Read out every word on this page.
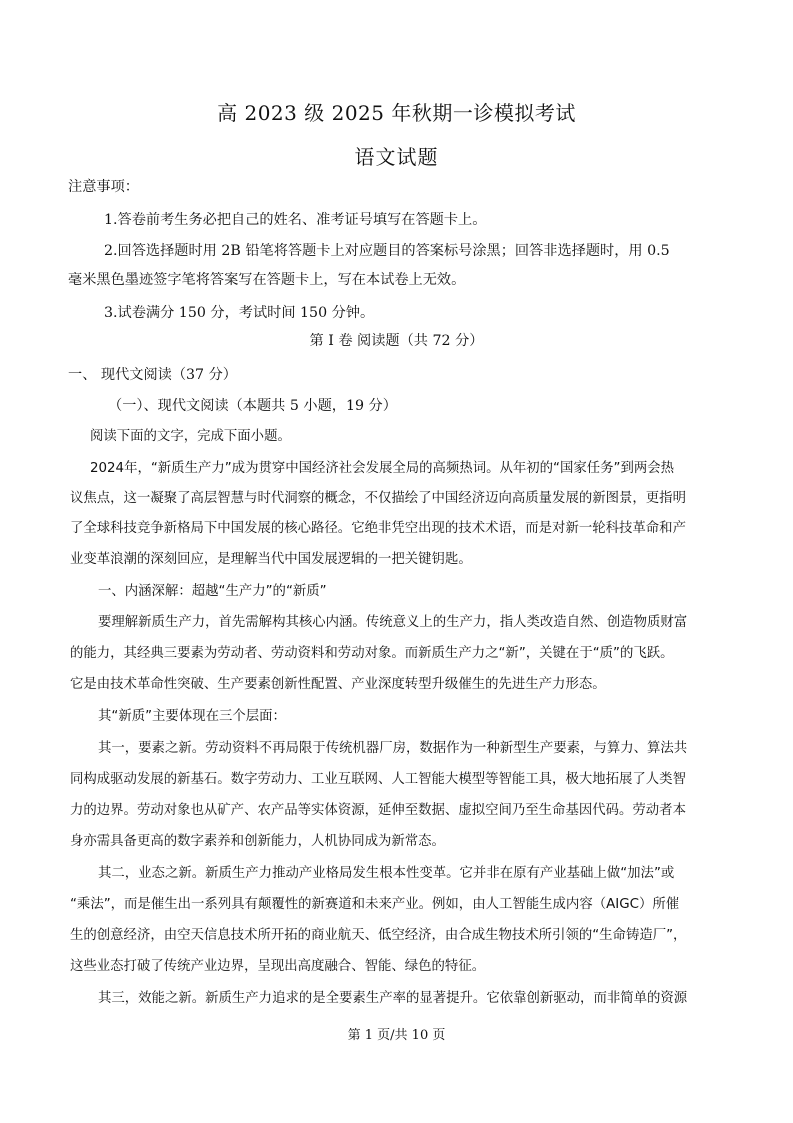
高 2023 级 2025 年秋期一诊模拟考试
语文试题
注意事项：
1.答卷前考生务必把自己的姓名、准考证号填写在答题卡上。
2.回答选择题时用 2B 铅笔将答题卡上对应题目的答案标号涂黑；回答非选择题时，用 0.5
毫米黑色墨迹签字笔将答案写在答题卡上，写在本试卷上无效。
3.试卷满分 150 分，考试时间 150 分钟。
第 I 卷 阅读题（共 72 分）
一、 现代文阅读（37 分）
（一）、现代文阅读（本题共 5 小题，19 分）
阅读下面的文字，完成下面小题。
2024年，“新质生产力”成为贯穿中国经济社会发展全局的高频热词。从年初的“国家任务”到两会热
议焦点，这一凝聚了高层智慧与时代洞察的概念，不仅描绘了中国经济迈向高质量发展的新图景，更指明
了全球科技竞争新格局下中国发展的核心路径。它绝非凭空出现的技术术语，而是对新一轮科技革命和产
业变革浪潮的深刻回应，是理解当代中国发展逻辑的一把关键钥匙。
一、内涵深解：超越“生产力”的“新质”
要理解新质生产力，首先需解构其核心内涵。传统意义上的生产力，指人类改造自然、创造物质财富
的能力，其经典三要素为劳动者、劳动资料和劳动对象。而新质生产力之“新”，关键在于“质”的飞跃。
它是由技术革命性突破、生产要素创新性配置、产业深度转型升级催生的先进生产力形态。
其“新质”主要体现在三个层面：
其一，要素之新。劳动资料不再局限于传统机器厂房，数据作为一种新型生产要素，与算力、算法共
同构成驱动发展的新基石。数字劳动力、工业互联网、人工智能大模型等智能工具，极大地拓展了人类智
力的边界。劳动对象也从矿产、农产品等实体资源，延伸至数据、虚拟空间乃至生命基因代码。劳动者本
身亦需具备更高的数字素养和创新能力，人机协同成为新常态。
其二，业态之新。新质生产力推动产业格局发生根本性变革。它并非在原有产业基础上做“加法”或
“乘法”，而是催生出一系列具有颠覆性的新赛道和未来产业。例如，由人工智能生成内容（AIGC）所催
生的创意经济，由空天信息技术所开拓的商业航天、低空经济，由合成生物技术所引领的“生命铸造厂”，
这些业态打破了传统产业边界，呈现出高度融合、智能、绿色的特征。
其三，效能之新。新质生产力追求的是全要素生产率的显著提升。它依靠创新驱动，而非简单的资源
第 1 页/共 10 页
